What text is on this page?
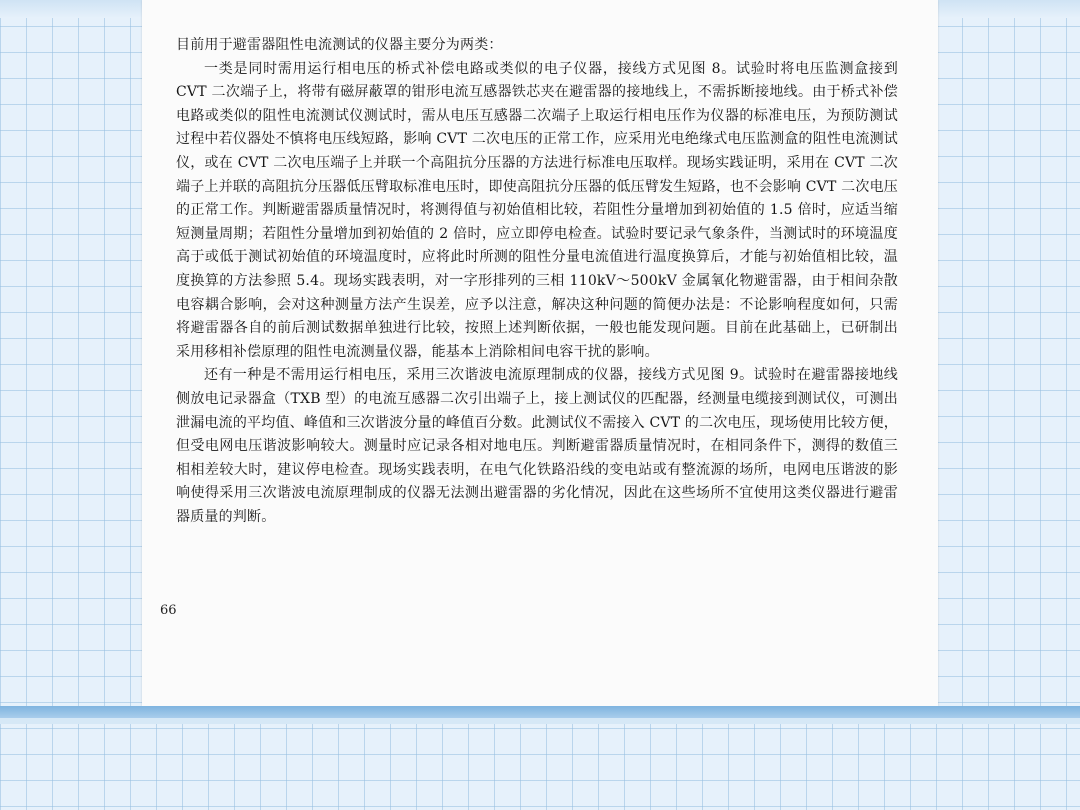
目前用于避雷器阻性电流测试的仪器主要分为两类：

一类是同时需用运行相电压的桥式补偿电路或类似的电子仪器，接线方式见图 8。试验时将电压监测盒接到 CVT 二次端子上，将带有磁屏蔽罩的钳形电流互感器铁芯夹在避雷器的接地线上，不需拆断接地线。由于桥式补偿电路或类似的阻性电流测试仪测试时，需从电压互感器二次端子上取运行相电压作为仪器的标准电压，为预防测试过程中若仪器处不慎将电压线短路，影响 CVT 二次电压的正常工作，应采用光电绝缘式电压监测盒的阻性电流测试仪，或在 CVT 二次电压端子上并联一个高阻抗分压器的方法进行标准电压取样。现场实践证明，采用在 CVT 二次端子上并联的高阻抗分压器低压臂取标准电压时，即使高阻抗分压器的低压臂发生短路，也不会影响 CVT 二次电压的正常工作。判断避雷器质量情况时，将测得值与初始值相比较，若阻性分量增加到初始值的 1.5 倍时，应适当缩短测量周期；若阻性分量增加到初始值的 2 倍时，应立即停电检查。试验时要记录气象条件，当测试时的环境温度高于或低于测试初始值的环境温度时，应将此时所测的阻性分量电流值进行温度换算后，才能与初始值相比较，温度换算的方法参照 5.4。现场实践表明，对一字形排列的三相 110kV～500kV 金属氧化物避雷器，由于相间杂散电容耦合影响，会对这种测量方法产生误差，应予以注意，解决这种问题的简便办法是：不论影响程度如何，只需将避雷器各自的前后测试数据单独进行比较，按照上述判断依据，一般也能发现问题。目前在此基础上，已研制出采用移相补偿原理的阻性电流测量仪器，能基本上消除相间电容干扰的影响。

还有一种是不需用运行相电压，采用三次谐波电流原理制成的仪器，接线方式见图 9。试验时在避雷器接地线侧放电记录器盒（TXB 型）的电流互感器二次引出端子上，接上测试仪的匹配器，经测量电缆接到测试仪，可测出泄漏电流的平均值、峰值和三次谐波分量的峰值百分数。此测试仪不需接入 CVT 的二次电压，现场使用比较方便，但受电网电压谐波影响较大。测量时应记录各相对地电压。判断避雷器质量情况时，在相同条件下，测得的数值三相相差较大时，建议停电检查。现场实践表明，在电气化铁路沿线的变电站或有整流源的场所，电网电压谐波的影响使得采用三次谐波电流原理制成的仪器无法测出避雷器的劣化情况，因此在这些场所不宜使用这类仪器进行避雷器质量的判断。

66
